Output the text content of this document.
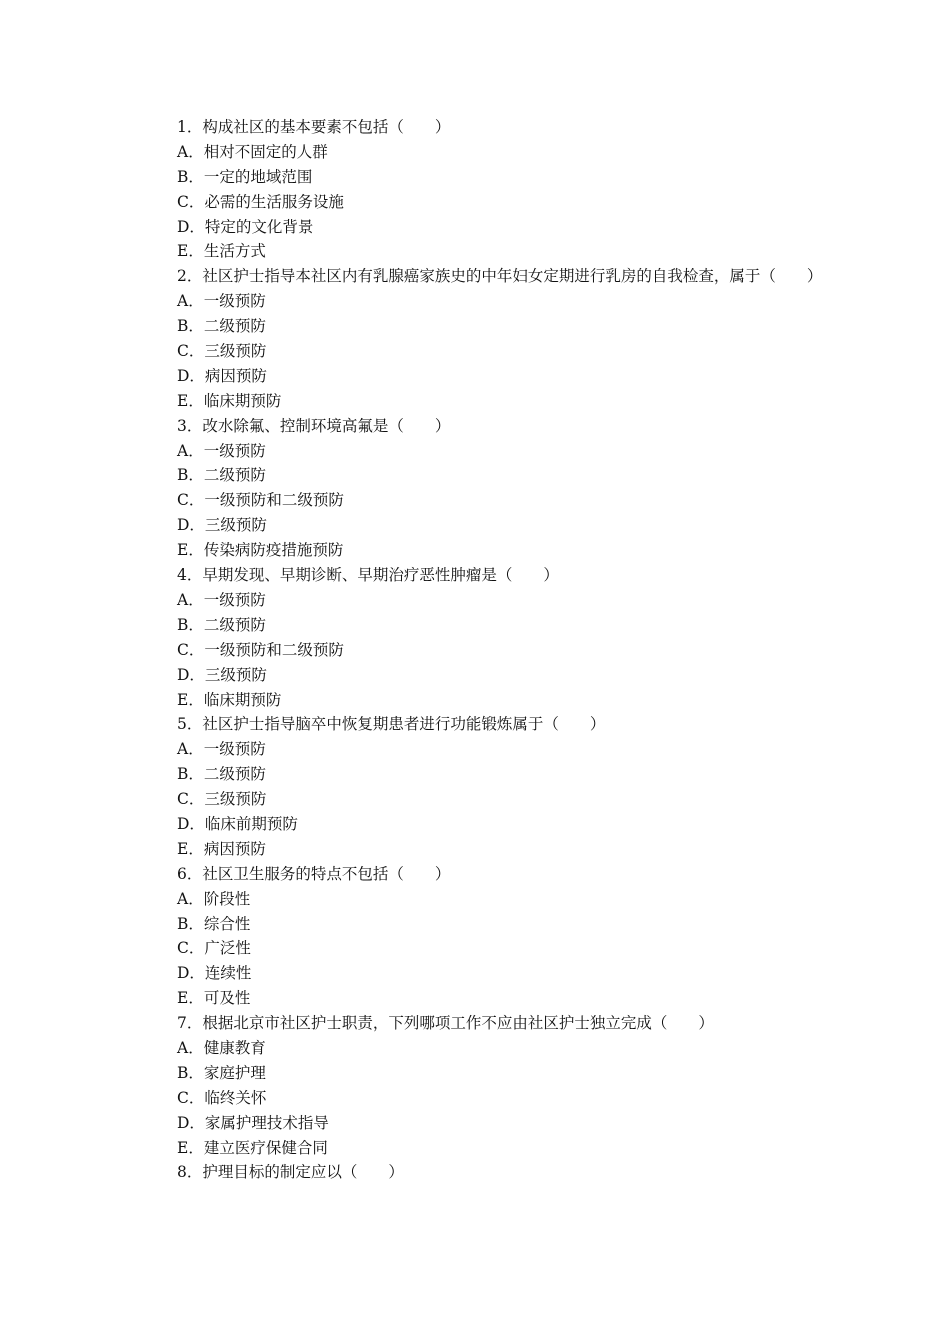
1．构成社区的基本要素不包括（　　）
A．相对不固定的人群
B．一定的地域范围
C．必需的生活服务设施
D．特定的文化背景
E．生活方式
2．社区护士指导本社区内有乳腺癌家族史的中年妇女定期进行乳房的自我检查，属于（　　）
A．一级预防
B．二级预防
C．三级预防
D．病因预防
E．临床期预防
3．改水除氟、控制环境高氟是（　　）
A．一级预防
B．二级预防
C．一级预防和二级预防
D．三级预防
E．传染病防疫措施预防
4．早期发现、早期诊断、早期治疗恶性肿瘤是（　　）
A．一级预防
B．二级预防
C．一级预防和二级预防
D．三级预防
E．临床期预防
5．社区护士指导脑卒中恢复期患者进行功能锻炼属于（　　）
A．一级预防
B．二级预防
C．三级预防
D．临床前期预防
E．病因预防
6．社区卫生服务的特点不包括（　　）
A．阶段性
B．综合性
C．广泛性
D．连续性
E．可及性
7．根据北京市社区护士职责，下列哪项工作不应由社区护士独立完成（　　）
A．健康教育
B．家庭护理
C．临终关怀
D．家属护理技术指导
E．建立医疗保健合同
8．护理目标的制定应以（　　）
